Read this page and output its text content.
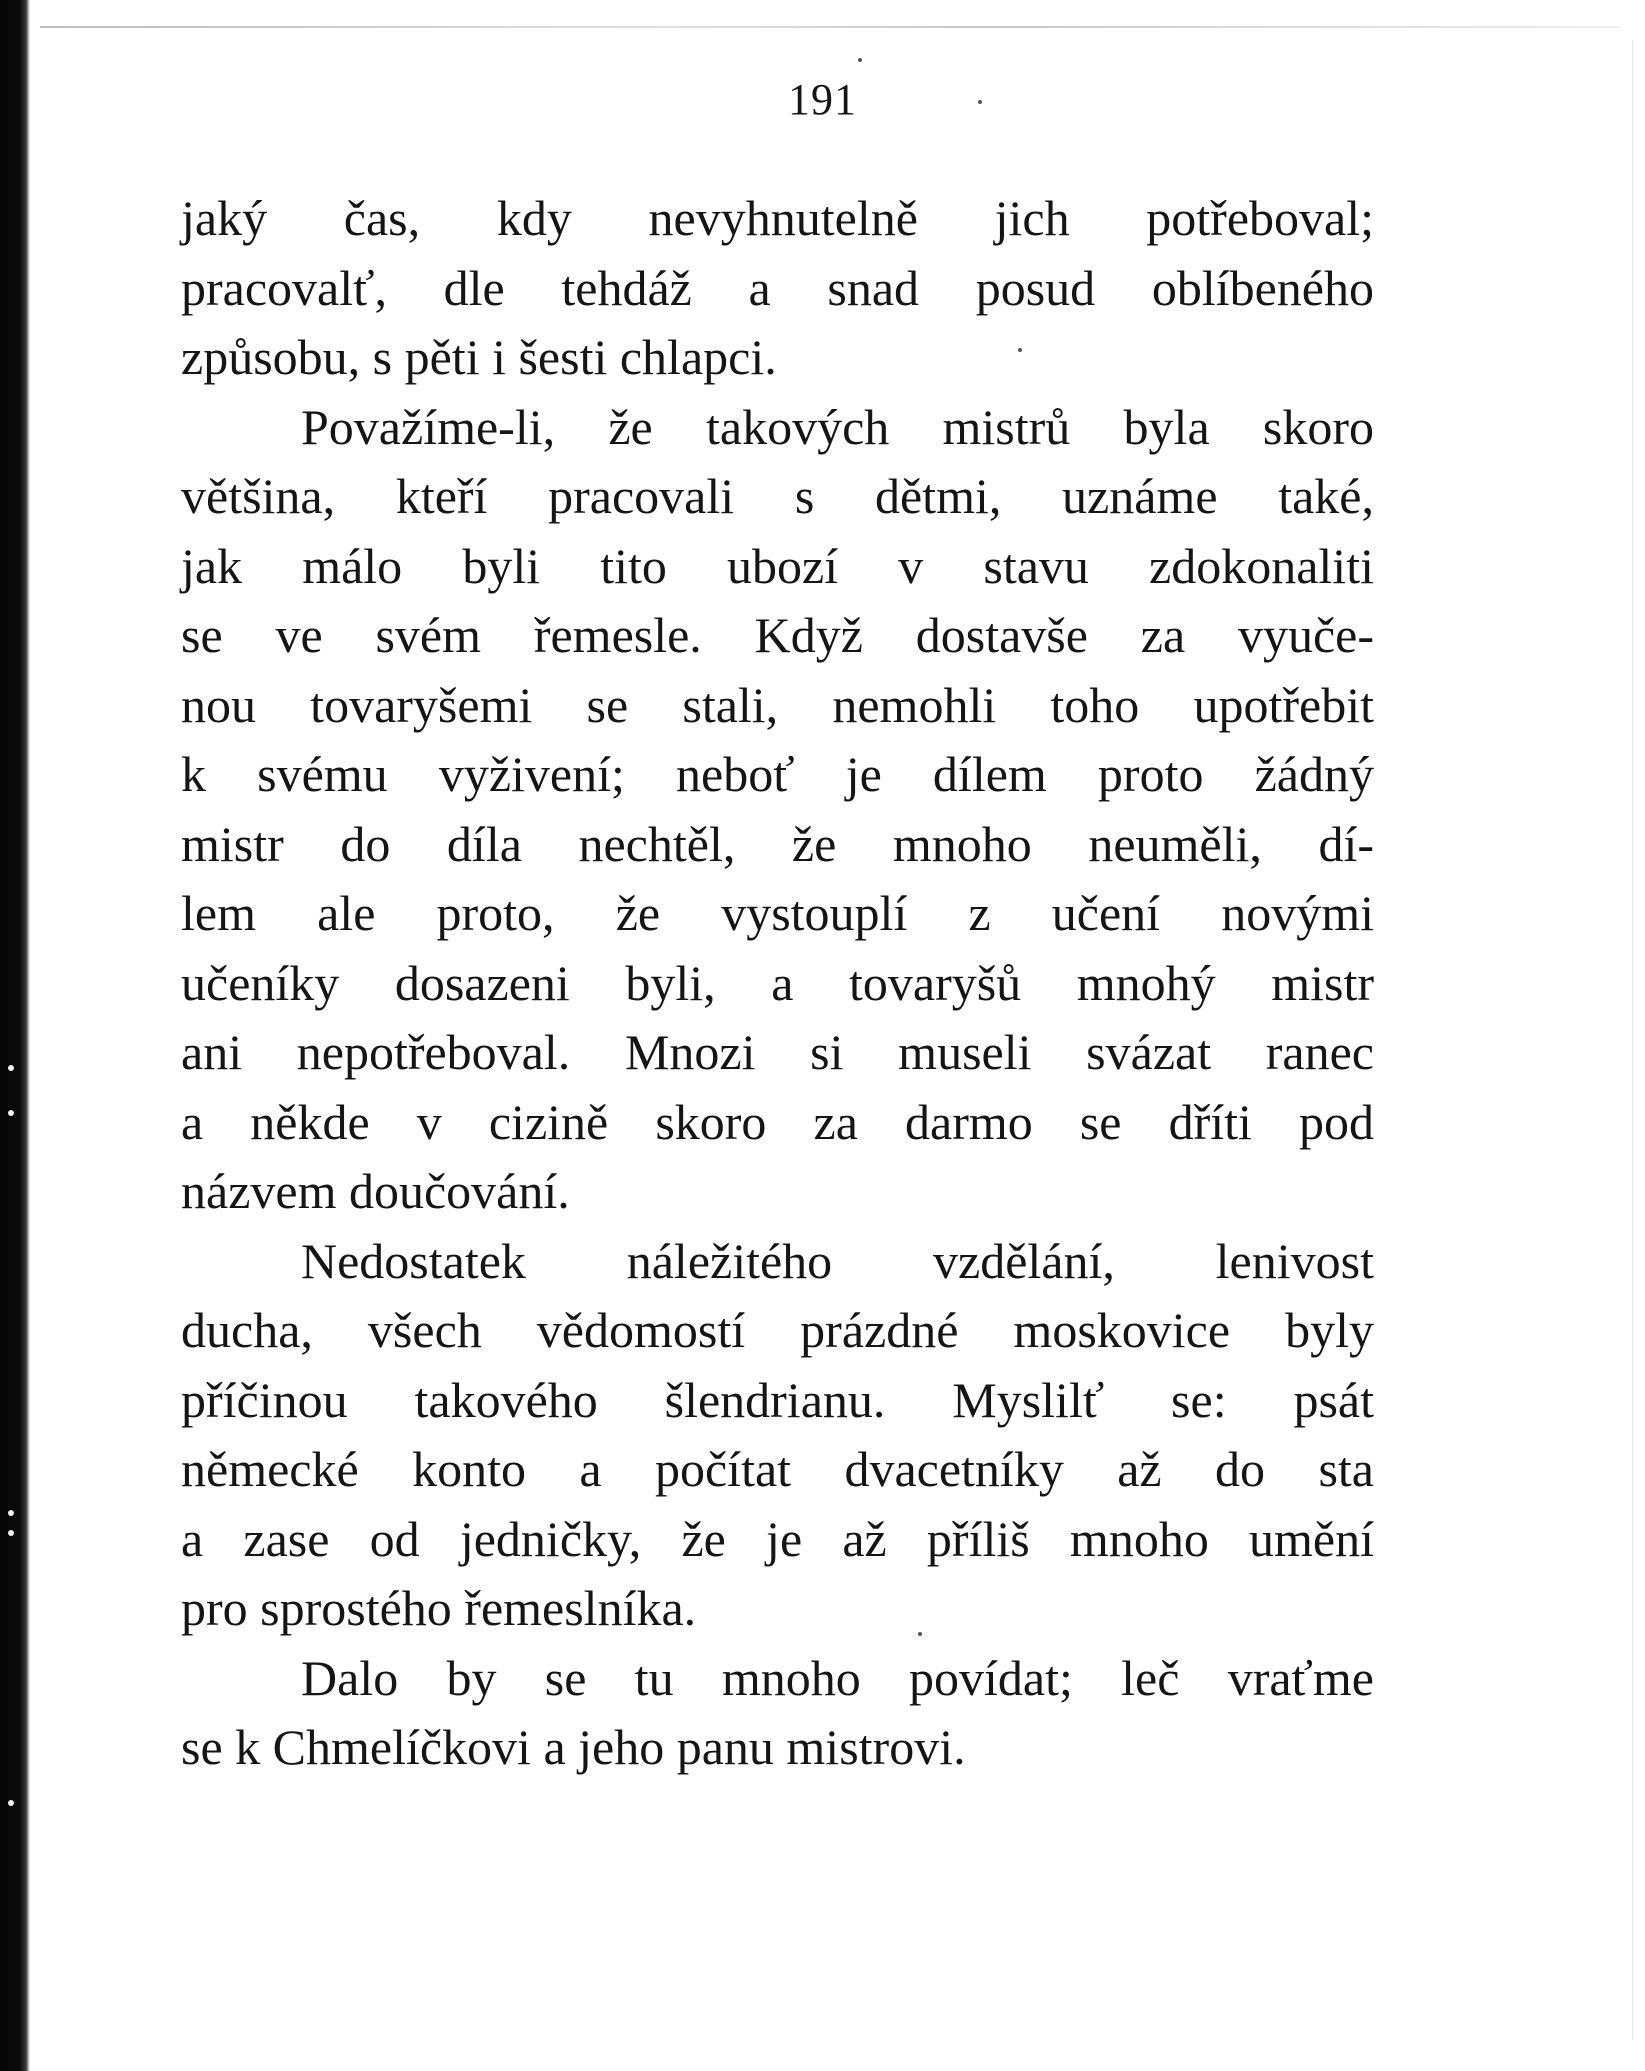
191
jaký čas, kdy nevyhnutelně jich potřeboval;
pracovalť, dle tehdáž a snad posud oblíbeného
způsobu, s pěti i šesti chlapci.
Považíme-li, že takových mistrů byla skoro
většina, kteří pracovali s dětmi, uznáme také,
jak málo byli tito ubozí v stavu zdokonaliti
se ve svém řemesle. Když dostavše za vyuče-
nou tovaryšemi se stali, nemohli toho upotřebit
k svému vyživení; neboť je dílem proto žádný
mistr do díla nechtěl, že mnoho neuměli, dí-
lem ale proto, že vystouplí z učení novými
učeníky dosazeni byli, a tovaryšů mnohý mistr
ani nepotřeboval. Mnozi si museli svázat ranec
a někde v cizině skoro za darmo se dříti pod
názvem doučování.
Nedostatek náležitého vzdělání, lenivost
ducha, všech vědomostí prázdné moskovice byly
příčinou takového šlendrianu. Myslilť se: psát
německé konto a počítat dvacetníky až do sta
a zase od jedničky, že je až příliš mnoho umění
pro sprostého řemeslníka.
Dalo by se tu mnoho povídat; leč vraťme
se k Chmelíčkovi a jeho panu mistrovi.
